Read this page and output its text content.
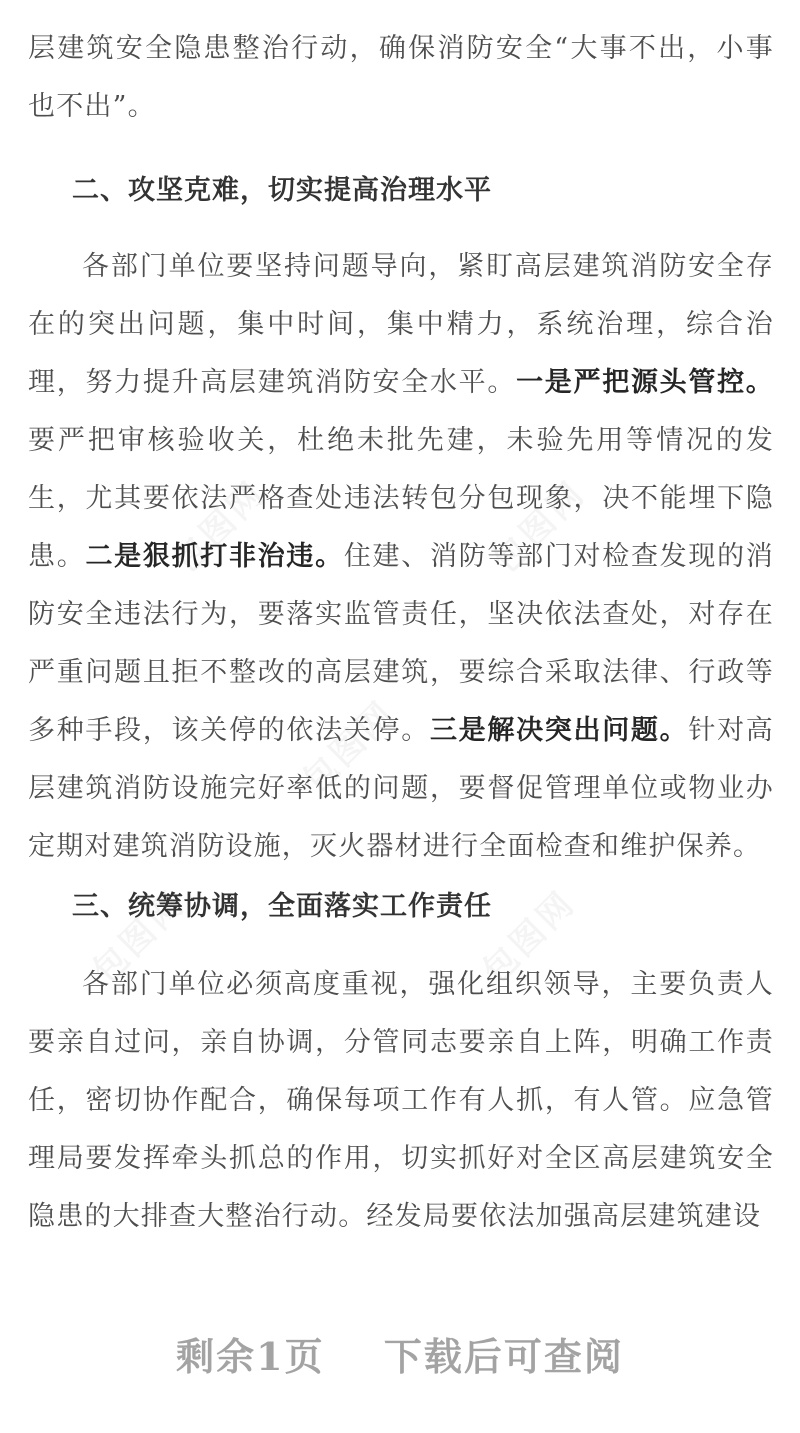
层建筑安全隐患整治行动，确保消防安全“大事不出，小事也不出”。

二、攻坚克难，切实提高治理水平

各部门单位要坚持问题导向，紧盯高层建筑消防安全存在的突出问题，集中时间，集中精力，系统治理，综合治理，努力提升高层建筑消防安全水平。一是严把源头管控。要严把审核验收关，杜绝未批先建，未验先用等情况的发生，尤其要依法严格查处违法转包分包现象，决不能埋下隐患。二是狠抓打非治违。住建、消防等部门对检查发现的消防安全违法行为，要落实监管责任，坚决依法查处，对存在严重问题且拒不整改的高层建筑，要综合采取法律、行政等多种手段，该关停的依法关停。三是解决突出问题。针对高层建筑消防设施完好率低的问题，要督促管理单位或物业办定期对建筑消防设施，灭火器材进行全面检查和维护保养。

三、统筹协调，全面落实工作责任

各部门单位必须高度重视，强化组织领导，主要负责人要亲自过问，亲自协调，分管同志要亲自上阵，明确工作责任，密切协作配合，确保每项工作有人抓，有人管。应急管理局要发挥牵头抓总的作用，切实抓好对全区高层建筑安全隐患的大排查大整治行动。经发局要依法加强高层建筑建设

剩余1页 下载后可查阅
